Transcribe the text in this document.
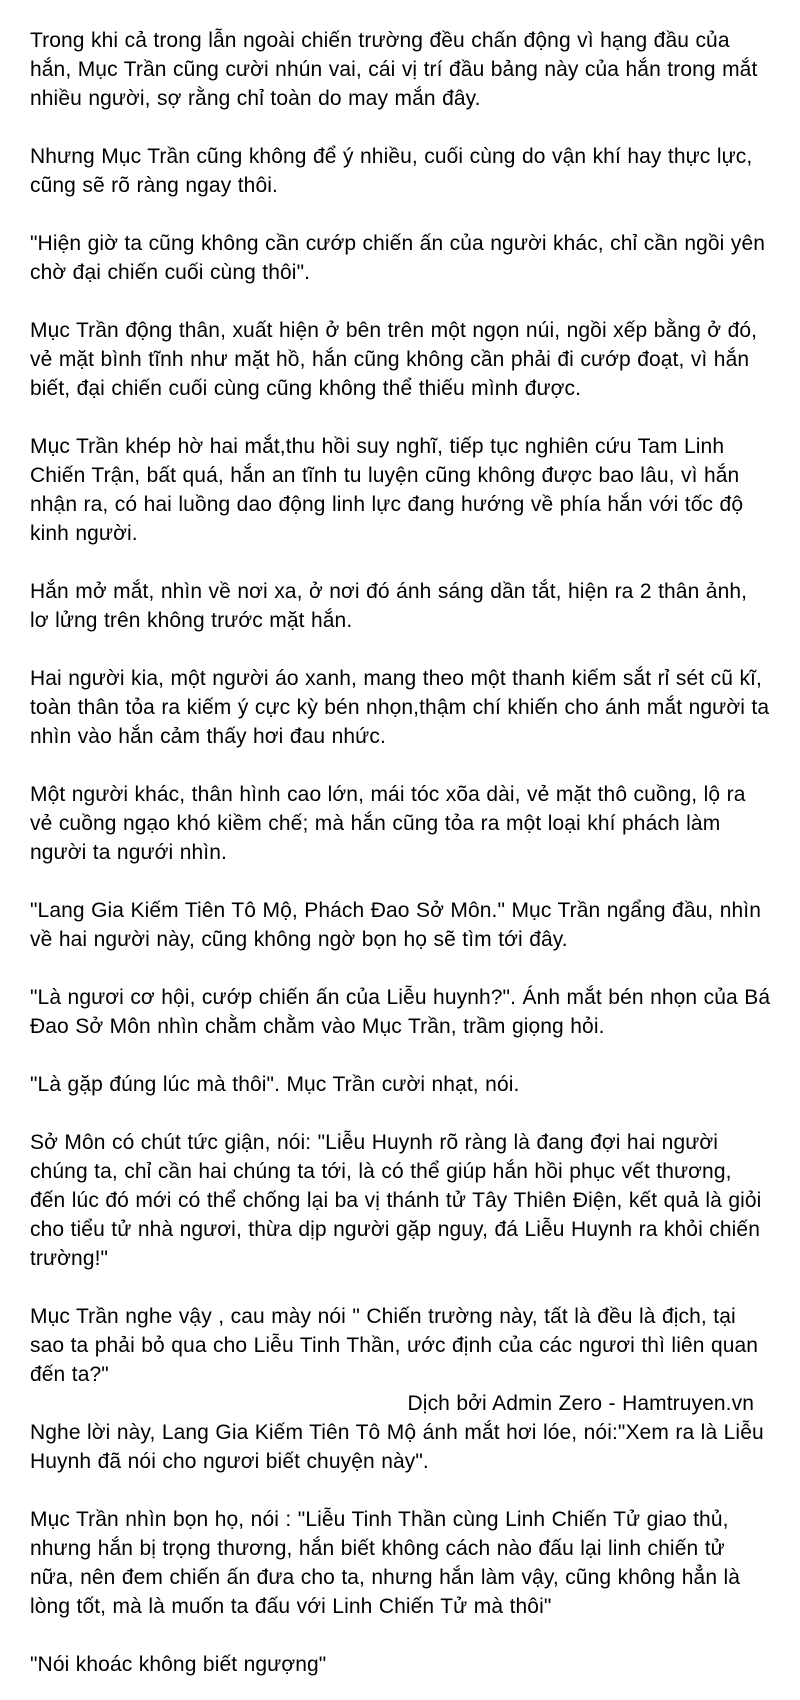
Trong khi cả trong lẫn ngoài chiến trường đều chấn động vì hạng đầu của hắn, Mục Trần cũng cười nhún vai, cái vị trí đầu bảng này của hắn trong mắt nhiều người, sợ rằng chỉ toàn do may mắn đây.

Nhưng Mục Trần cũng không để ý nhiều, cuối cùng do vận khí hay thực lực, cũng sẽ rõ ràng ngay thôi.

"Hiện giờ ta cũng không cần cướp chiến ấn của người khác, chỉ cần ngồi yên chờ đại chiến cuối cùng thôi".

Mục Trần động thân, xuất hiện ở bên trên một ngọn núi, ngồi xếp bằng ở đó, vẻ mặt bình tĩnh như mặt hồ, hắn cũng không cần phải đi cướp đoạt, vì hắn biết, đại chiến cuối cùng cũng không thể thiếu mình được.

Mục Trần khép hờ hai mắt,thu hồi suy nghĩ, tiếp tục nghiên cứu Tam Linh Chiến Trận, bất quá, hắn an tĩnh tu luyện cũng không được bao lâu, vì hắn nhận ra, có hai luồng dao động linh lực đang hướng về phía hắn với tốc độ kinh người.

Hắn mở mắt, nhìn về nơi xa, ở nơi đó ánh sáng dần tắt, hiện ra 2 thân ảnh, lơ lửng trên không trước mặt hắn.

Hai người kia, một người áo xanh, mang theo một thanh kiếm sắt rỉ sét cũ kĩ, toàn thân tỏa ra kiếm ý cực kỳ bén nhọn,thậm chí khiến cho ánh mắt người ta nhìn vào hắn cảm thấy hơi đau nhức.

Một người khác, thân hình cao lớn, mái tóc xõa dài, vẻ mặt thô cuồng, lộ ra vẻ cuồng ngạo khó kiềm chế; mà hắn cũng tỏa ra một loại khí phách làm người ta ngưới nhìn.

"Lang Gia Kiếm Tiên Tô Mộ, Phách Đao Sở Môn." Mục Trần ngẩng đầu, nhìn về hai người này, cũng không ngờ bọn họ sẽ tìm tới đây.

"Là ngươi cơ hội, cướp chiến ấn của Liễu huynh?". Ánh mắt bén nhọn của Bá Đao Sở Môn nhìn chằm chằm vào Mục Trần, trầm giọng hỏi.

"Là gặp đúng lúc mà thôi". Mục Trần cười nhạt, nói.

Sở Môn có chút tức giận, nói: "Liễu Huynh rõ ràng là đang đợi hai người chúng ta, chỉ cần hai chúng ta tới, là có thể giúp hắn hồi phục vết thương, đến lúc đó mới có thể chống lại ba vị thánh tử Tây Thiên Điện, kết quả là giỏi cho tiểu tử nhà ngươi, thừa dịp người gặp nguy, đá Liễu Huynh ra khỏi chiến trường!"

Mục Trần nghe vậy , cau mày nói " Chiến trường này, tất là đều là địch, tại sao ta phải bỏ qua cho Liễu Tinh Thần, ước định của các ngươi thì liên quan đến ta?"

Dịch bởi Admin Zero - Hamtruyen.vn

Nghe lời này, Lang Gia Kiếm Tiên Tô Mộ ánh mắt hơi lóe, nói:"Xem ra là Liễu Huynh đã nói cho ngươi biết chuyện này".

Mục Trần nhìn bọn họ, nói : "Liễu Tinh Thần cùng Linh Chiến Tử giao thủ, nhưng hắn bị trọng thương, hắn biết không cách nào đấu lại linh chiến tử nữa, nên đem chiến ấn đưa cho ta, nhưng hắn làm vậy, cũng không hẳn là lòng tốt, mà là muốn ta đấu với Linh Chiến Tử mà thôi"

"Nói khoác không biết ngượng"
